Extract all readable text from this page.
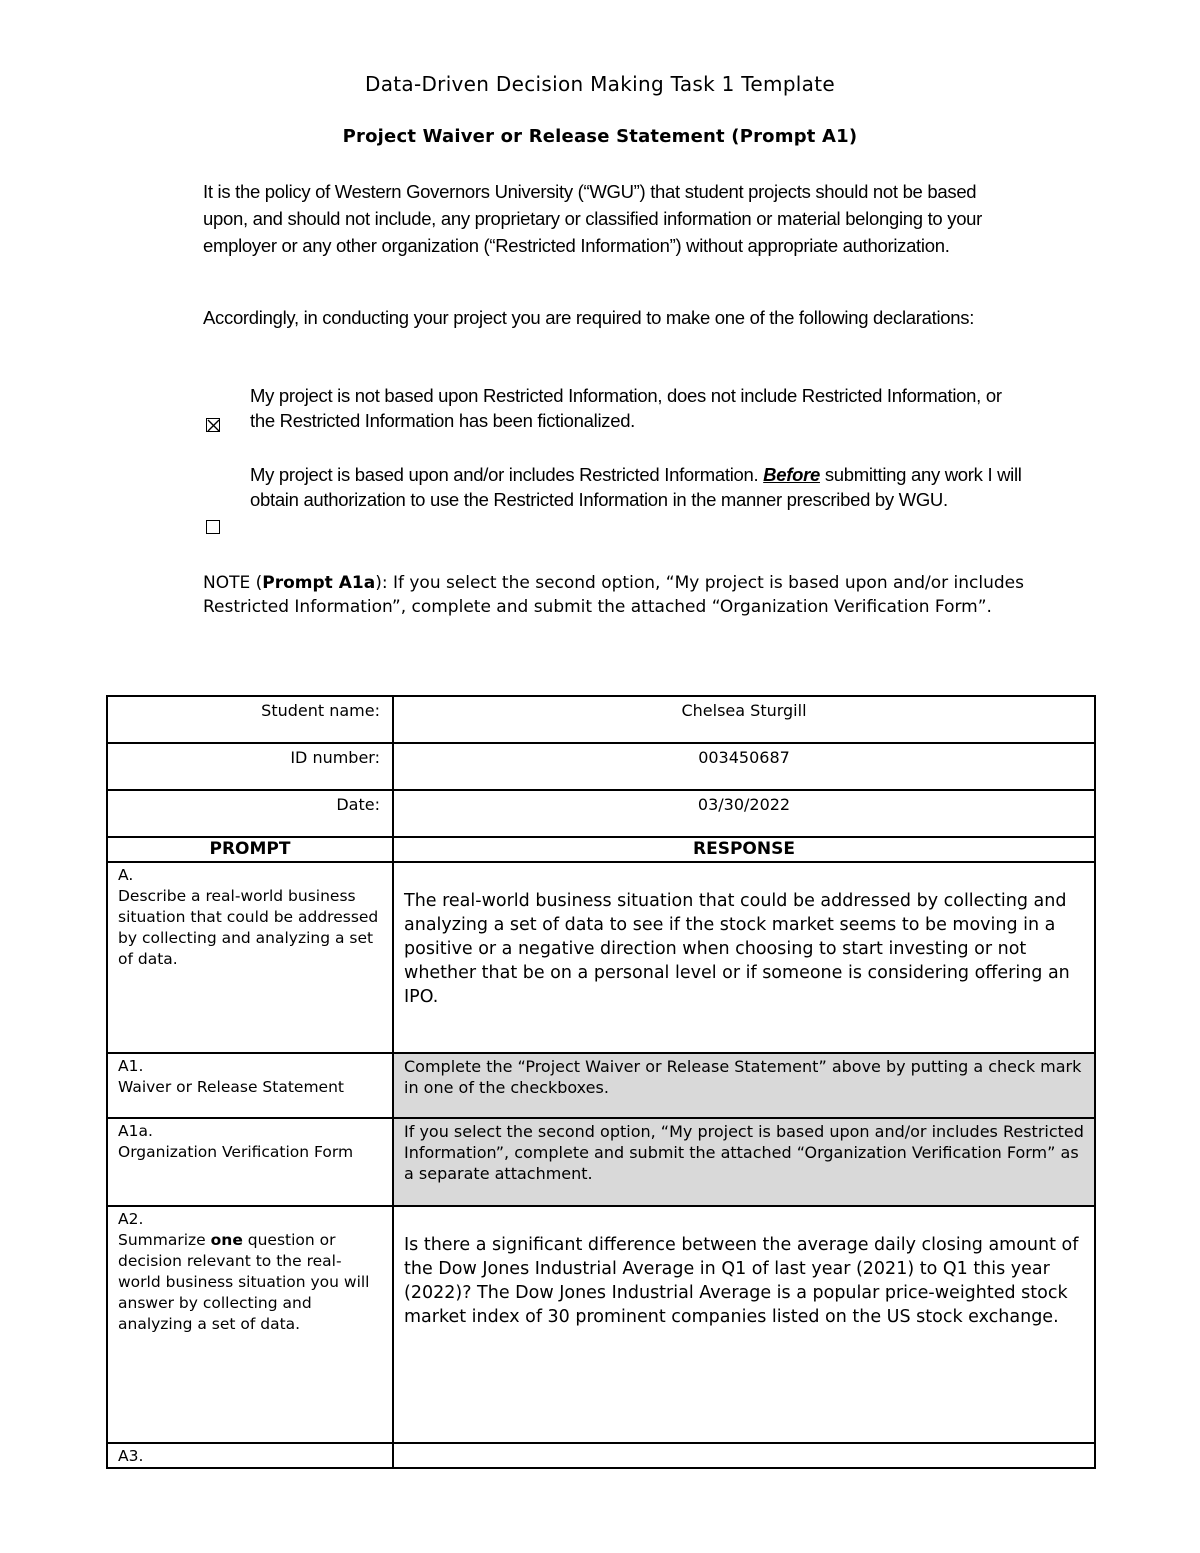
Data-Driven Decision Making Task 1 Template
Project Waiver or Release Statement (Prompt A1)
It is the policy of Western Governors University (“WGU”) that student projects should not be based upon, and should not include, any proprietary or classified information or material belonging to your employer or any other organization (“Restricted Information”) without appropriate authorization.
Accordingly, in conducting your project you are required to make one of the following declarations:
My project is not based upon Restricted Information, does not include Restricted Information, or the Restricted Information has been fictionalized.
My project is based upon and/or includes Restricted Information. Before submitting any work I will obtain authorization to use the Restricted Information in the manner prescribed by WGU.
NOTE (Prompt A1a): If you select the second option, “My project is based upon and/or includes Restricted Information”, complete and submit the attached “Organization Verification Form”.
Student name:	Chelsea Sturgill
ID number:	003450687
Date:	03/30/2022
PROMPT	RESPONSE

A.
Describe a real-world business situation that could be addressed by collecting and analyzing a set of data.	The real-world business situation that could be addressed by collecting and analyzing a set of data to see if the stock market seems to be moving in a positive or a negative direction when choosing to start investing or not whether that be on a personal level or if someone is considering offering an IPO.

A1.
Waiver or Release Statement	Complete the “Project Waiver or Release Statement” above by putting a check mark in one of the checkboxes.

A1a.
Organization Verification Form	If you select the second option, “My project is based upon and/or includes Restricted Information”, complete and submit the attached “Organization Verification Form” as a separate attachment.

A2.
Summarize one question or decision relevant to the real-world business situation you will answer by collecting and analyzing a set of data.	Is there a significant difference between the average daily closing amount of the Dow Jones Industrial Average in Q1 of last year (2021) to Q1 this year (2022)? The Dow Jones Industrial Average is a popular price-weighted stock market index of 30 prominent companies listed on the US stock exchange.

A3.	
